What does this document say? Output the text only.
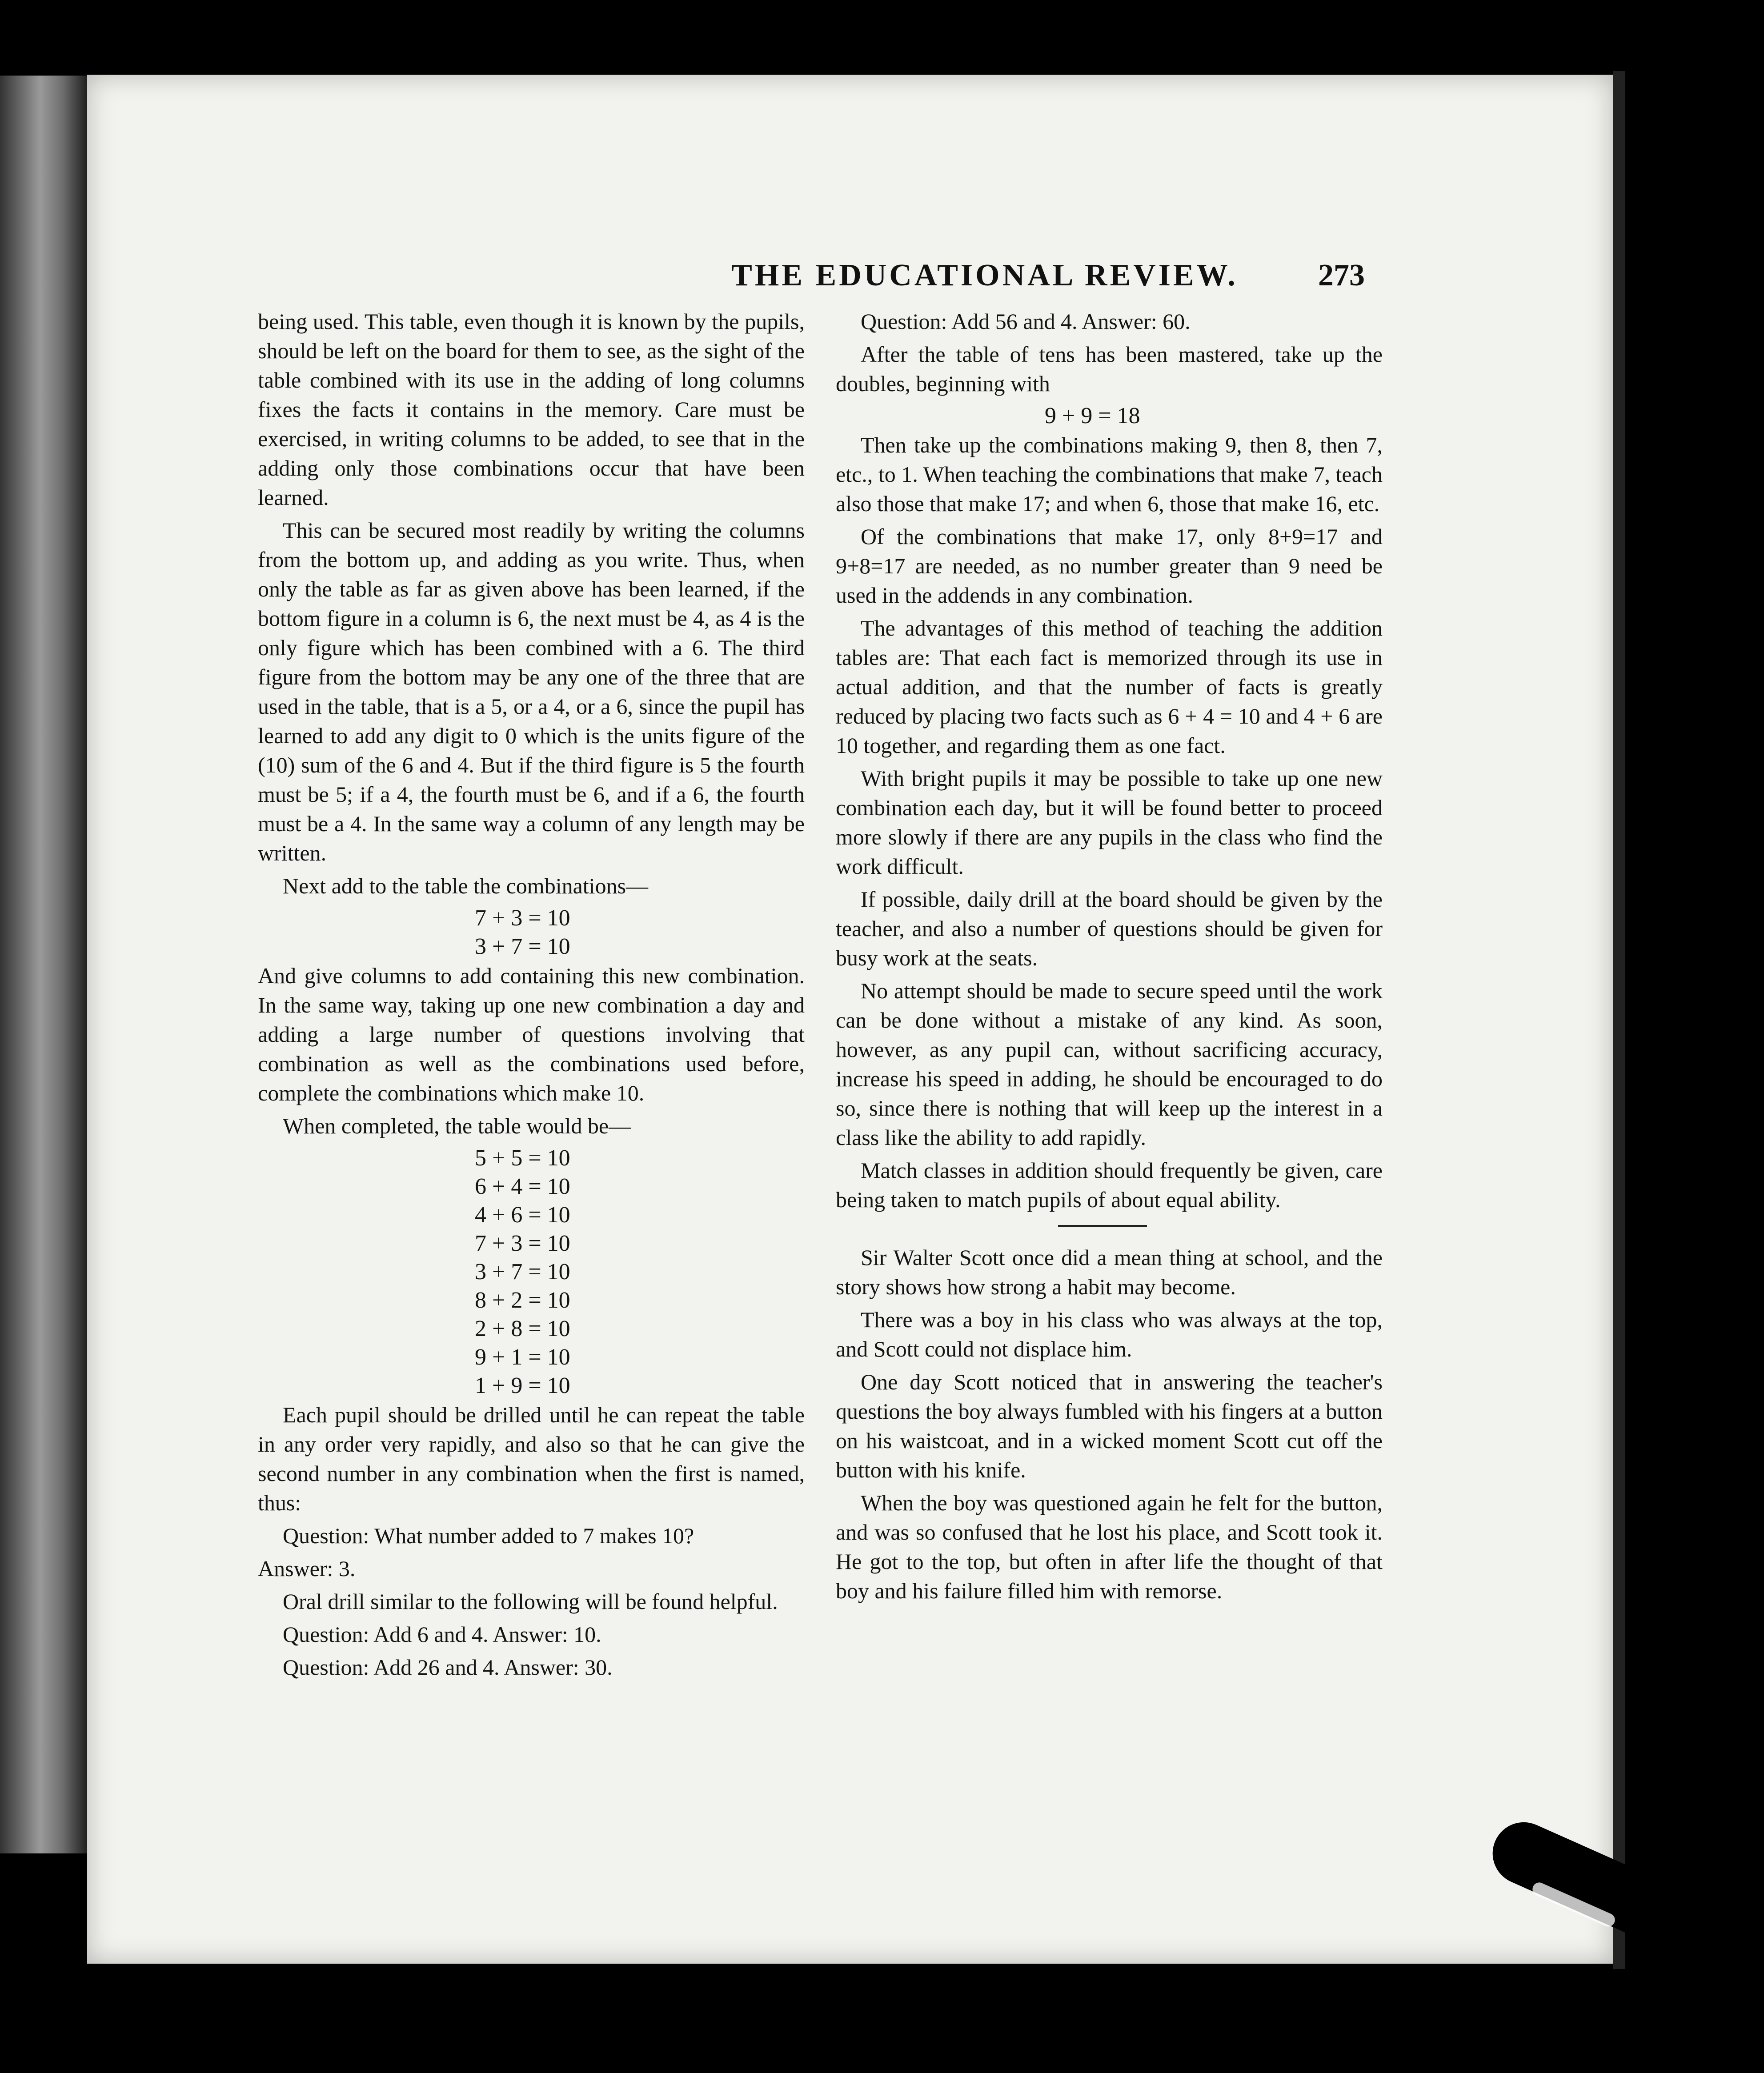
THE EDUCATIONAL REVIEW.	273

being used. This table, even though it is known by the pupils, should be left on the board for them to see, as the sight of the table combined with its use in the adding of long columns fixes the facts it contains in the memory. Care must be exercised, in writing columns to be added, to see that in the adding only those combinations occur that have been learned.

This can be secured most readily by writing the columns from the bottom up, and adding as you write. Thus, when only the table as far as given above has been learned, if the bottom figure in a column is 6, the next must be 4, as 4 is the only figure which has been combined with a 6. The third figure from the bottom may be any one of the three that are used in the table, that is a 5, or a 4, or a 6, since the pupil has learned to add any digit to 0 which is the units figure of the (10) sum of the 6 and 4. But if the third figure is 5 the fourth must be 5; if a 4, the fourth must be 6, and if a 6, the fourth must be a 4. In the same way a column of any length may be written.

Next add to the table the combinations—

7 + 3 = 10
3 + 7 = 10

And give columns to add containing this new combination. In the same way, taking up one new combination a day and adding a large number of questions involving that combination as well as the combinations used before, complete the combinations which make 10.

When completed, the table would be—

5 + 5 = 10
6 + 4 = 10
4 + 6 = 10
7 + 3 = 10
3 + 7 = 10
8 + 2 = 10
2 + 8 = 10
9 + 1 = 10
1 + 9 = 10

Each pupil should be drilled until he can repeat the table in any order very rapidly, and also so that he can give the second number in any combination when the first is named, thus:

Question: What number added to 7 makes 10?

Answer: 3.

Oral drill similar to the following will be found helpful.

Question: Add 6 and 4. Answer: 10.

Question: Add 26 and 4. Answer: 30.

Question: Add 56 and 4. Answer: 60.

After the table of tens has been mastered, take up the doubles, beginning with

9 + 9 = 18

Then take up the combinations making 9, then 8, then 7, etc., to 1. When teaching the combinations that make 7, teach also those that make 17; and when 6, those that make 16, etc.

Of the combinations that make 17, only 8+9=17 and 9+8=17 are needed, as no number greater than 9 need be used in the addends in any combination.

The advantages of this method of teaching the addition tables are: That each fact is memorized through its use in actual addition, and that the number of facts is greatly reduced by placing two facts such as 6 + 4 = 10 and 4 + 6 are 10 together, and regarding them as one fact.

With bright pupils it may be possible to take up one new combination each day, but it will be found better to proceed more slowly if there are any pupils in the class who find the work difficult.

If possible, daily drill at the board should be given by the teacher, and also a number of questions should be given for busy work at the seats.

No attempt should be made to secure speed until the work can be done without a mistake of any kind. As soon, however, as any pupil can, without sacrificing accuracy, increase his speed in adding, he should be encouraged to do so, since there is nothing that will keep up the interest in a class like the ability to add rapidly.

Match classes in addition should frequently be given, care being taken to match pupils of about equal ability.

Sir Walter Scott once did a mean thing at school, and the story shows how strong a habit may become.

There was a boy in his class who was always at the top, and Scott could not displace him.

One day Scott noticed that in answering the teacher's questions the boy always fumbled with his fingers at a button on his waistcoat, and in a wicked moment Scott cut off the button with his knife.

When the boy was questioned again he felt for the button, and was so confused that he lost his place, and Scott took it. He got to the top, but often in after life the thought of that boy and his failure filled him with remorse.
